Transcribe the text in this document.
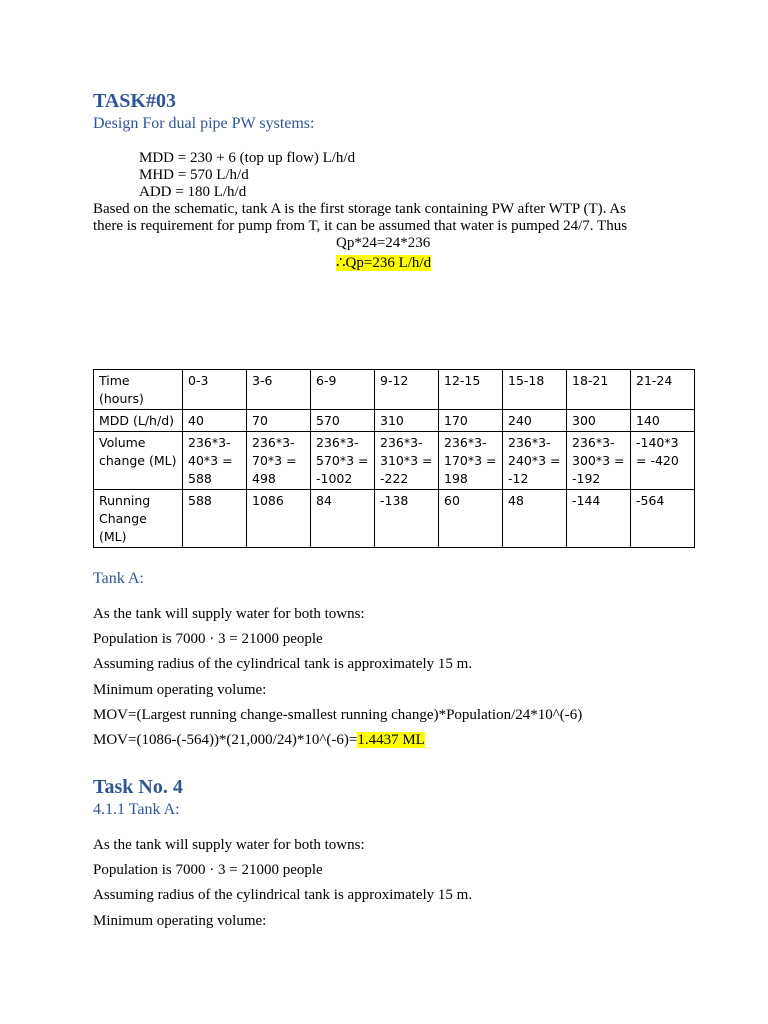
TASK#03
Design For dual pipe PW systems:
MDD = 230 + 6 (top up flow) L/h/d
MHD = 570 L/h/d
ADD = 180 L/h/d
Based on the schematic, tank A is the first storage tank containing PW after WTP (T). As
there is requirement for pump from T, it can be assumed that water is pumped 24/7. Thus
Qp*24=24*236
∴Qp=236 L/h/d
Time (hours)	0-3	3-6	6-9	9-12	12-15	15-18	18-21	21-24
MDD (L/h/d)	40	70	570	310	170	240	300	140
Volume change (ML)	236*3-40*3 = 588	236*3-70*3 = 498	236*3-570*3 = -1002	236*3-310*3 = -222	236*3-170*3 = 198	236*3-240*3 = -12	236*3-300*3 = -192	-140*3 = -420
Running Change (ML)	588	1086	84	-138	60	48	-144	-564
Tank A:
As the tank will supply water for both towns:
Population is 7000 · 3 = 21000 people
Assuming radius of the cylindrical tank is approximately 15 m.
Minimum operating volume:
MOV=(Largest running change-smallest running change)*Population/24*10^(-6)
MOV=(1086-(-564))*(21,000/24)*10^(-6)=1.4437 ML
Task No. 4
4.1.1 Tank A:
As the tank will supply water for both towns:
Population is 7000 · 3 = 21000 people
Assuming radius of the cylindrical tank is approximately 15 m.
Minimum operating volume:
